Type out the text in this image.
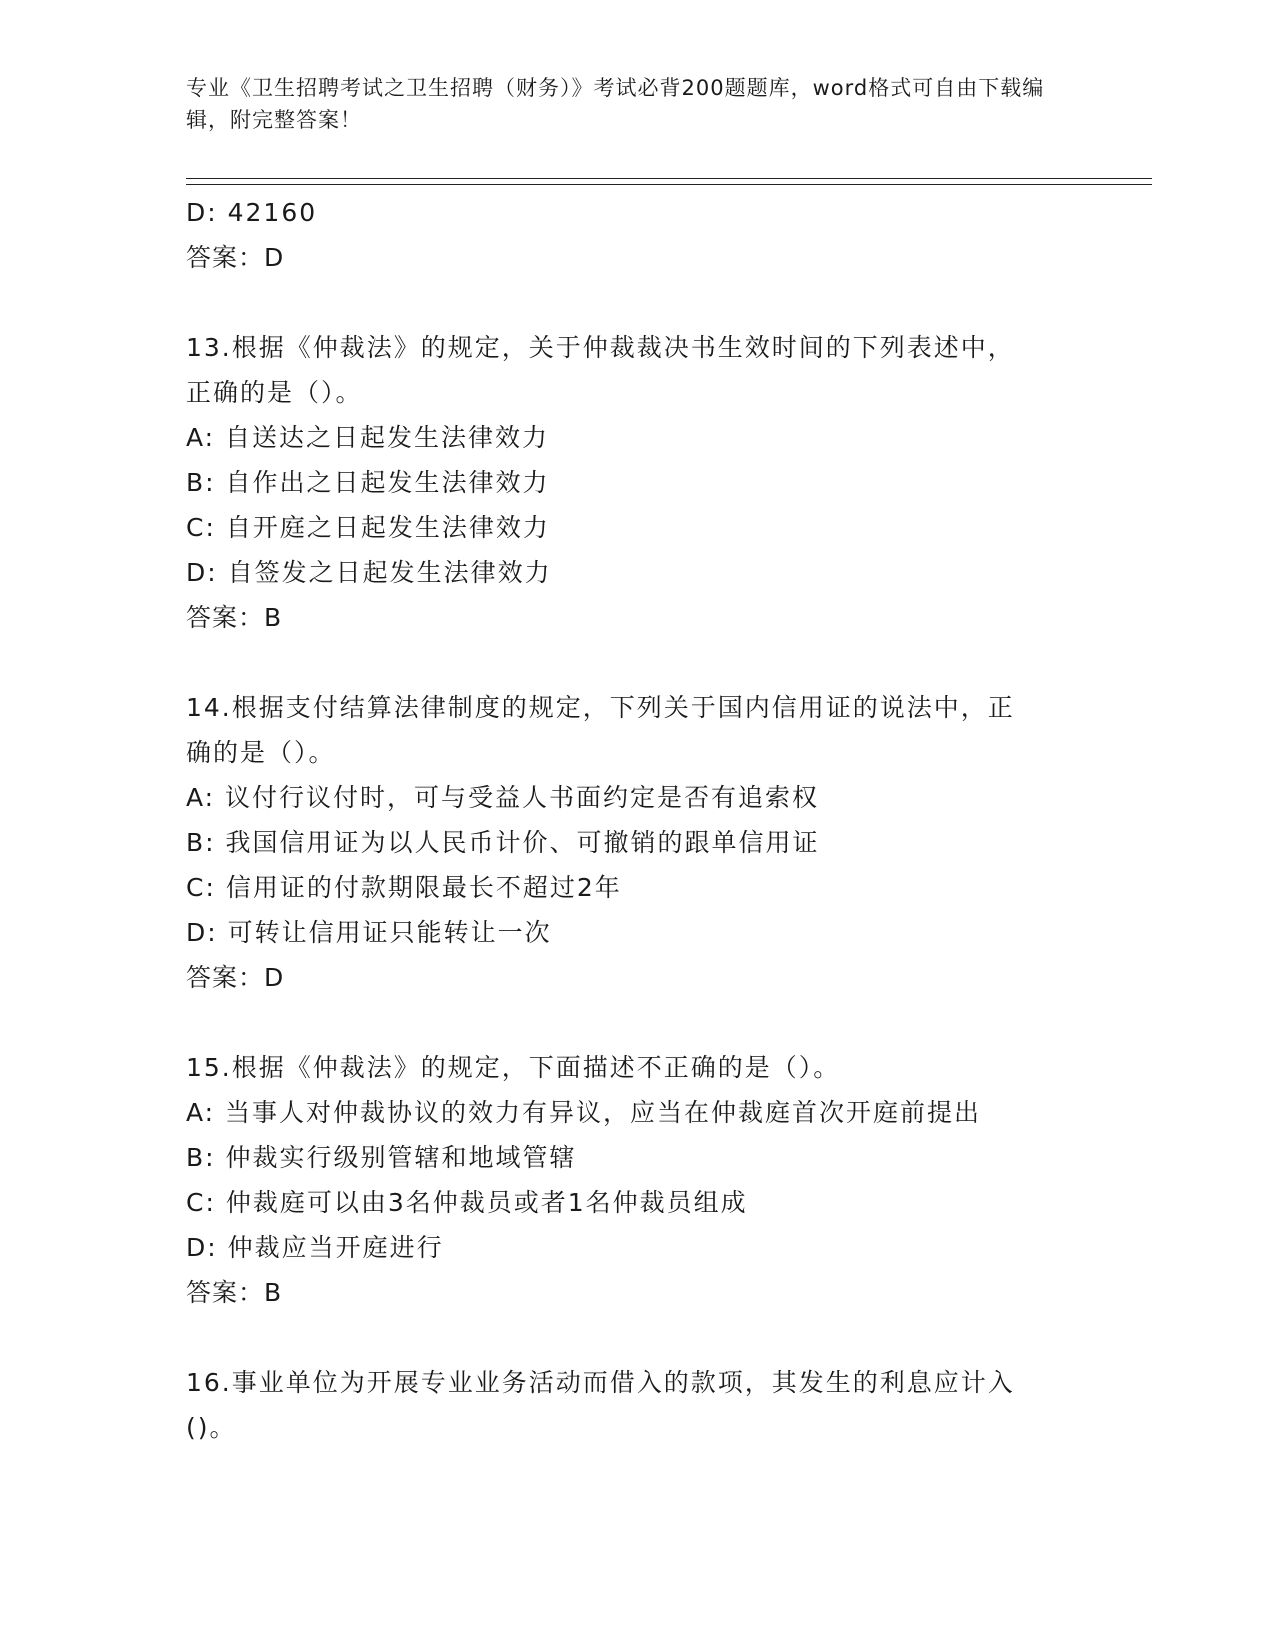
专业《卫生招聘考试之卫生招聘（财务）》考试必背200题题库，word格式可自由下载编辑，附完整答案！
D: 42160
答案：D
13.根据《仲裁法》的规定，关于仲裁裁决书生效时间的下列表述中，
正确的是（）。
A: 自送达之日起发生法律效力
B: 自作出之日起发生法律效力
C: 自开庭之日起发生法律效力
D: 自签发之日起发生法律效力
答案：B
14.根据支付结算法律制度的规定，下列关于国内信用证的说法中，正
确的是（）。
A: 议付行议付时，可与受益人书面约定是否有追索权
B: 我国信用证为以人民币计价、可撤销的跟单信用证
C: 信用证的付款期限最长不超过2年
D: 可转让信用证只能转让一次
答案：D
15.根据《仲裁法》的规定，下面描述不正确的是（）。
A: 当事人对仲裁协议的效力有异议，应当在仲裁庭首次开庭前提出
B: 仲裁实行级别管辖和地域管辖
C: 仲裁庭可以由3名仲裁员或者1名仲裁员组成
D: 仲裁应当开庭进行
答案：B
16.事业单位为开展专业业务活动而借入的款项，其发生的利息应计入
()。
